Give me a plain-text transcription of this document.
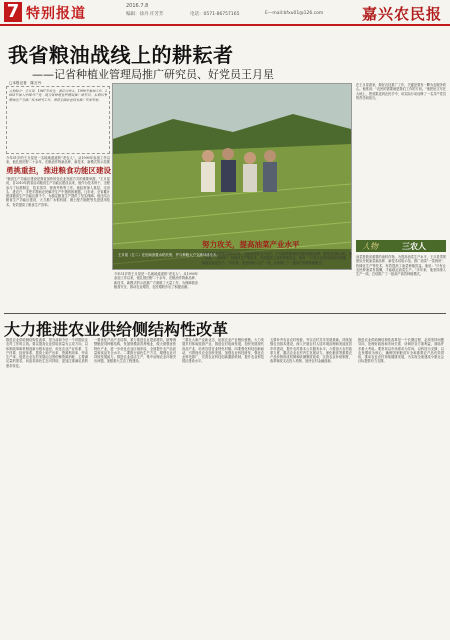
7 特别报道	2016.7.8
编辑：徐丹 许芳芳	电话：0571-86757165	E—mail:bfxu01@126.com	嘉兴农民报
我省粮油战线上的耕耘者
——记省种植业管理局推广研究员、好党员王月星
□本报记者　陈万丹
人物简介：王月星，1967年出生，浙江台州人，1990年参加工作，2003年加入中国共产党，现为省种植业管理局推广研究员，长期从事粮油生产与推广技术研究工作，曾获全国农业技术推广奖等荣誉。
今年51岁的王月星是一名地地道道的"老农人"。从1990年参加工作以来，他扎根田野二十余年，在粮油作物新品种、新技术、新模式的示范推
勇挑重担，推进粮食功能区建设
"粮食生产功能区建设是我省加快转变农业发展方式的重要举措。"王月星说，自2010年我省启动粮食生产功能区建设以来，他作为技术骨干，全程参与了标准制定、技术指导、督查考核等工作。他经常深入基层，走田头、进农户，手把手帮助农民解决生产中遇到的难题。几年来，全省累计建成粮食生产功能区数千个，为稳定粮食生产提供了坚实保障。他还结合粮食生产功能区建设，大力推广水稻机插、测土配方施肥等先进适用技术，有效提高了粮食生产效率。
王月星（左二）在田间查看水稻长势，并与种粮大户交流种植技术。
在王月星看来，做好农技推广工作，关键是要有一颗为农服务的心。他常说："农民的需要就是我们工作的方向。"他把论文写在大地上，把成果送到农民手中，用实际行动诠释了一名共产党员的责任和担当。
努力攻关，提高油菜产业水平
油菜是我省重要的油料作物。为提高油菜生产水平，王月星带领团队开展油菜新品种、新技术试验示范，推广油菜"一菜两用"、机械化生产等技术，有效提高了油菜种植效益。他说："只有让农民种油菜有钱赚，才能稳定油菜生产。"多年来，他坚持深入生产一线，总结推广了一批高产高效种植模式。
今年51岁的王月星是一名地地道道的"老农人"。从1990年参加工作以来，他扎根田野二十余年，在粮油作物新品种、新技术、新模式的示范推广方面做了大量工作，为保障我省粮食安全、推动农业增效、农民增收作出了积极贡献。
人物	三农人
油菜是我省重要的油料作物。为提高油菜生产水平，王月星带领团队开展油菜新品种、新技术试验示范，推广油菜"一菜两用"、机械化生产等技术，有效提高了油菜种植效益。他说："只有让农民种油菜有钱赚，才能稳定油菜生产。"多年来，他坚持深入生产一线，总结推广了一批高产高效种植模式。
大力推进农业供给侧结构性改革
推进农业供给侧结构性改革，是当前和今后一个时期农业农村工作的主线。要以提高农业供给质量为主攻方向，以体制改革和机制创新为根本途径，优化农业产业体系、生产体系、经营体系，提高土地产出率、资源利用率、劳动生产率，促进农业农村发展由过度依赖资源消耗、主要满足量的需求，向追求绿色生态可持续、更加注重满足质的需求转变。
一要优化产品产业结构，着力推进农业提质增效。统筹调整粮经饲种植结构，发展规模高效养殖业，做大做强优势特色产业，进一步优化农业区域布局，全面提升农产品质量和食品安全水平。二要推行绿色生产方式，增强农业可持续发展能力。推进农业清洁生产，集中治理农业环境突出问题，加强重大生态工程建设。
三要壮大新产业新业态，拓展农业产业链价值链。大力发展乡村休闲旅游产业，推进农村电商发展，加快发展现代食品产业，培育宜居宜业特色村镇。四要强化科技创新驱动，引领现代农业加快发展。加强农业科技研发，强化农业科技推广，完善农业科技创新激励机制，提升农业科技园区建设水平。
五要补齐农业农村短板，夯实农村共享发展基础。持续加强农田基本建设，深入开展农村人居环境治理和美丽宜居乡村建设，提升农村基本公共服务水平。六要加大农村改革力度，激活农业农村内生发展动力。深化粮食等重要农产品价格形成机制和收储制度改革，完善农业补贴制度，改革财政支农投入机制，加快农村金融创新。
推进农业供给侧结构性改革是一个长期过程，必须坚持问题导向，处理好政府和市场关系、协调好各方面利益，面临许多重大考验。要坚持以市场需求为导向，以科技为支撑，以农民增收为核心，确保国家粮食安全和重要农产品有效供给，推动农业农村持续健康发展，为实现全面建成小康社会目标提供有力支撑。
